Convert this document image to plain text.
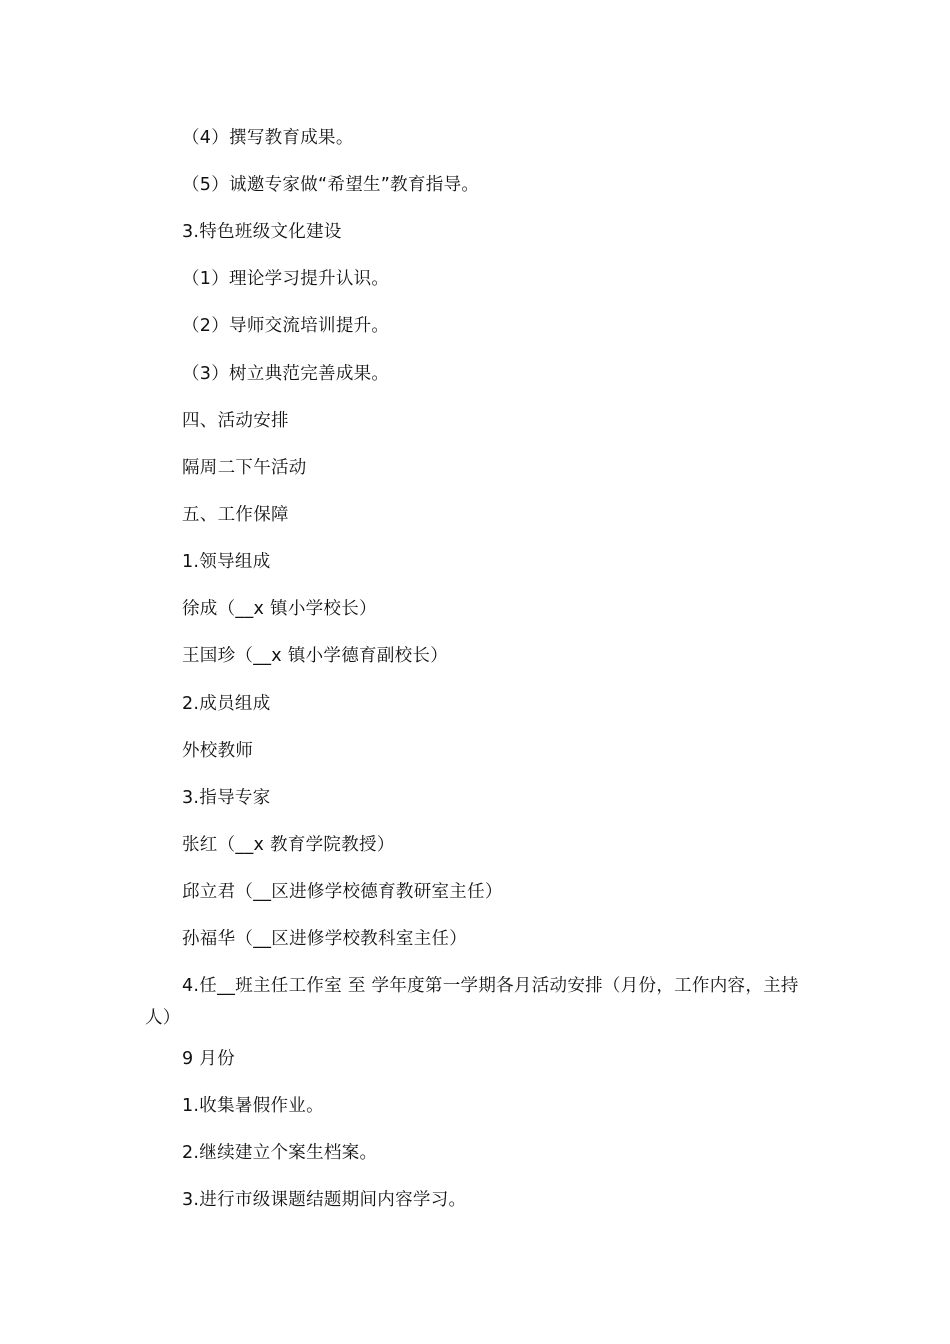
（4）撰写教育成果。
（5）诚邀专家做“希望生”教育指导。
3.特色班级文化建设
（1）理论学习提升认识。
（2）导师交流培训提升。
（3）树立典范完善成果。
四、活动安排
隔周二下午活动
五、工作保障
1.领导组成
徐成（__x 镇小学校长）
王国珍（__x 镇小学德育副校长）
2.成员组成
外校教师
3.指导专家
张红（__x 教育学院教授）
邱立君（__区进修学校德育教研室主任）
孙福华（__区进修学校教科室主任）
4.任__班主任工作室 至 学年度第一学期各月活动安排（月份，工作内容，主持人）
9 月份
1.收集暑假作业。
2.继续建立个案生档案。
3.进行市级课题结题期间内容学习。
